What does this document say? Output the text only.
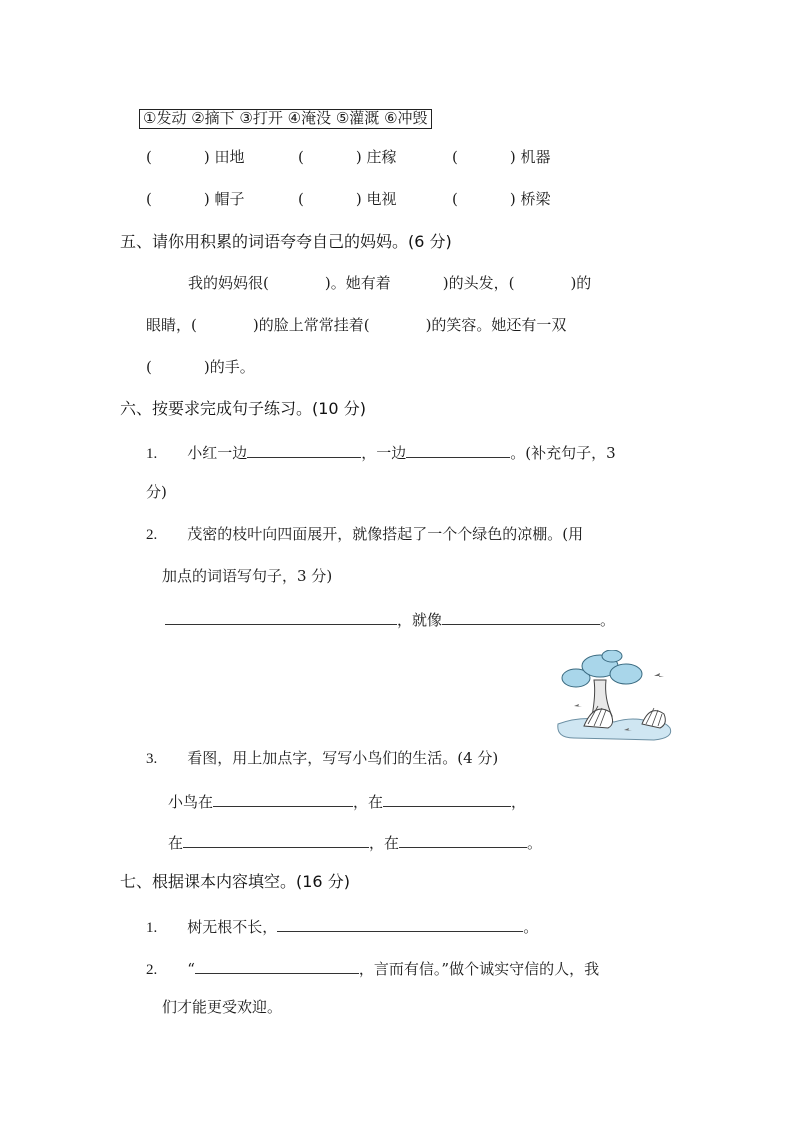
①发动 ②摘下 ③打开 ④淹没 ⑤灌溉 ⑥冲毁
(	) 田地	(	) 庄稼	(	) 机器
(	) 帽子	(	) 电视	(	) 桥梁
五、请你用积累的词语夸夸自己的妈妈。(6 分)
我的妈妈很(	)。她有着	)的头发，(	)的
眼睛，(	)的脸上常常挂着(	)的笑容。她还有一双
(	)的手。
六、按要求完成句子练习。(10 分)
1. 小红一边	，一边	。(补充句子，3
分)
2. 茂密的枝叶向四面展开，就像搭起了一个个绿色的凉棚。(用
加点的词语写句子，3 分)
，就像	。
3. 看图，用上加点字，写写小鸟们的生活。(4 分)
小鸟在	，在	，
在	，在	。
七、根据课本内容填空。(16 分)
1. 树无根不长，	。
2. “	，言而有信。”做个诚实守信的人，我
们才能更受欢迎。
